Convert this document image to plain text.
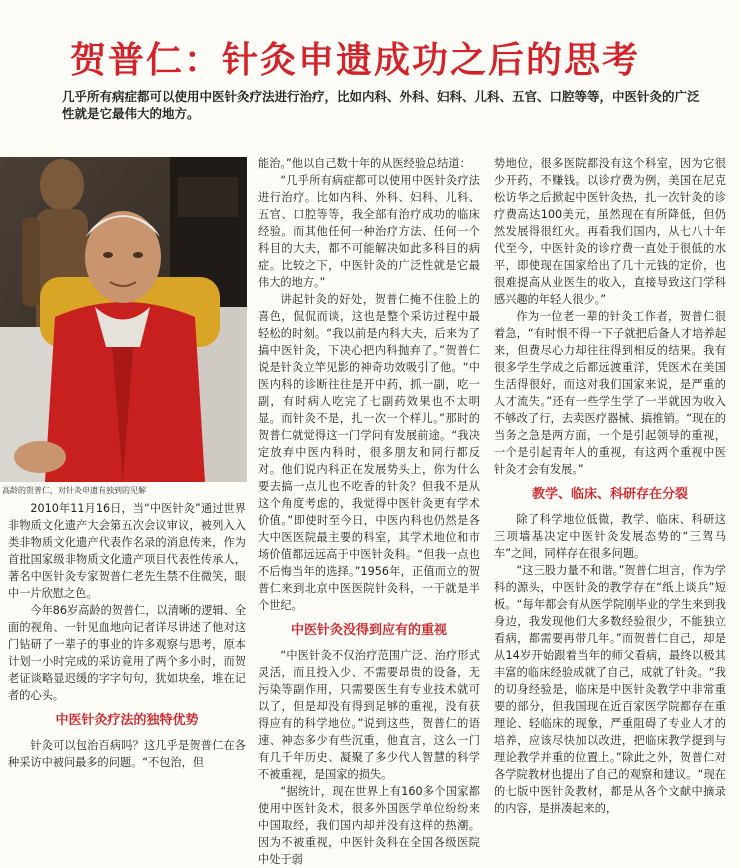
贺普仁：针灸申遗成功之后的思考
几乎所有病症都可以使用中医针灸疗法进行治疗，比如内科、外科、妇科、儿科、五官、口腔等等，中医针灸的广泛性就是它最伟大的地方。
高龄的贺普仁，对针灸申遗有独到的见解

2010年11月16日，当“中医针灸”通过世界非物质文化遗产大会第五次会议审议，被列入入类非物质文化遗产代表作名录的消息传来，作为首批国家级非物质文化遗产项目代表性传承人，著名中医针灸专家贺普仁老先生禁不住微笑，眼中一片欣慰之色。

今年86岁高龄的贺普仁，以清晰的逻辑、全面的视角、一针见血地向记者详尽讲述了他对这门钻研了一辈子的事业的许多观察与思考，原本计划一小时完成的采访竟用了两个多小时，而贺老证谈略显迟缓的字字句句，犹如块垒，堆在记者的心头。

中医针灸疗法的独特优势

针灸可以包治百病吗？这几乎是贺普仁在各种采访中被问最多的问题。“不包治，但

能治。”他以自己数十年的从医经验总结道：

“几乎所有病症都可以使用中医针灸疗法进行治疗。比如内科、外科、妇科、儿科、五官、口腔等等，我全部有治疗成功的临床经验。而其他任何一种治疗方法、任何一个科目的大夫，都不可能解决如此多科目的病症。比较之下，中医针灸的广泛性就是它最伟大的地方。”

讲起针灸的好处，贺普仁掩不住脸上的喜色，侃侃而谈，这也是整个采访过程中最轻松的时刻。“我以前是内科大夫，后来为了搞中医针灸，下决心把内科抛弃了。”贺普仁说是针灸立竿见影的神奇功效吸引了他。“中医内科的诊断往往是开中药，抓一副，吃一副，有时病人吃完了七副药效果也不太明显。而针灸不是，扎一次一个样儿。”那时的贺普仁就觉得这一门学问有发展前途。“我决定放弃中医内科时，很多朋友和同行都反对。他们说内科正在发展势头上，你为什么要去搞一点儿也不吃香的针灸？但我不是从这个角度考虑的，我觉得中医针灸更有学术价值。”即使时至今日，中医内科也仍然是各大中医医院最主要的科室，其学术地位和市场价值都远远高于中医针灸科。“但我一点也不后悔当年的选择。”1956年，正值而立的贺普仁来到北京中医医院针灸科，一干就是半个世纪。

中医针灸没得到应有的重视

“中医针灸不仅治疗范围广泛、治疗形式灵活，而且投入少、不需要昂贵的设备，无污染等副作用，只需要医生有专业技术就可以了，但是却没有得到足够的重视，没有获得应有的科学地位。”说到这些，贺普仁的语速、神态多少有些沉重，他直言，这么一门有几千年历史、凝聚了多少代人智慧的科学不被重视，是国家的损失。

“据统计，现在世界上有160多个国家都使用中医针灸术，很多外国医学单位纷纷来中国取经，我们国内却并没有这样的热潮。因为不被重视，中医针灸科在全国各级医院中处于弱

势地位，很多医院都没有这个科室，因为它很少开药，不赚钱。以诊疗费为例，美国在尼克松访华之后掀起中医针灸热，扎一次针灸的诊疗费高达100美元，虽然现在有所降低，但仍然发展得很红火。再看我们国内，从七八十年代至今，中医针灸的诊疗费一直处于很低的水平，即使现在国家给出了几十元钱的定价，也很难提高从业医生的收入，直接导致这门学科感兴趣的年轻人很少。”

作为一位老一辈的针灸工作者，贺普仁很着急，“有时恨不得一下子就把后备人才培养起来，但费尽心力却往往得到相反的结果。我有很多学生学成之后都远渡重洋，凭医术在美国生活得很好，而这对我们国家来说，是严重的人才流失。”还有一些学生学了一半就因为收入不够改了行，去卖医疗器械、搞推销。“现在的当务之急是两方面，一个是引起领导的重视，一个是引起青年人的重视，有这两个重视中医针灸才会有发展。”

教学、临床、科研存在分裂

除了科学地位低微，教学、临床、科研这三项墙基决定中医针灸发展态势的“三驾马车”之间，同样存在很多问题。

“这三股力量不和谐。”贺普仁坦言，作为学科的源头，中医针灸的教学存在“纸上谈兵”短板。“每年都会有从医学院刚毕业的学生来到我身边，我发现他们大多数经验很少，不能独立看病，都需要再带几年。”而贺普仁自己，却是从14岁开始跟着当年的师父看病，最终以极其丰富的临床经验成就了自己，成就了针灸。“我的切身经验是，临床是中医针灸教学中非常重要的部分，但我国现在近百家医学院都存在重理论、轻临床的现象，严重阻碍了专业人才的培养，应该尽快加以改进，把临床教学提到与理论教学并重的位置上。”除此之外，贺普仁对各学院教材也提出了自己的观察和建议。“现在的七版中医针灸教材，都是从各个文献中摘录的内容，是拼凑起来的，
